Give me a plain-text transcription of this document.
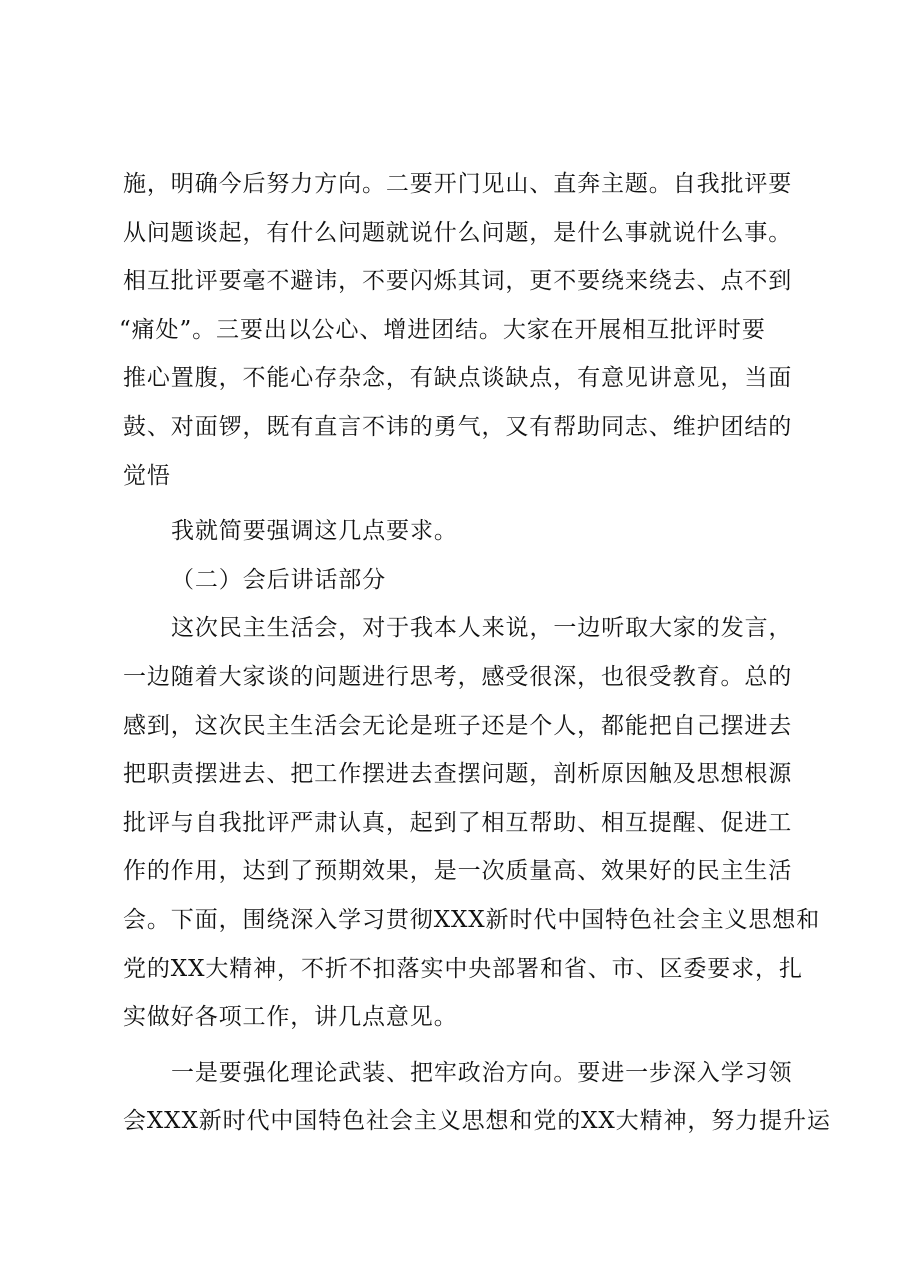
施，明确今后努力方向。二要开门见山、直奔主题。自我批评要
从问题谈起，有什么问题就说什么问题，是什么事就说什么事。
相互批评要毫不避讳，不要闪烁其词，更不要绕来绕去、点不到
“痛处”。三要出以公心、增进团结。大家在开展相互批评时要
推心置腹，不能心存杂念，有缺点谈缺点，有意见讲意见，当面
鼓、对面锣，既有直言不讳的勇气，又有帮助同志、维护团结的
觉悟
我就简要强调这几点要求。
（二）会后讲话部分
这次民主生活会，对于我本人来说，一边听取大家的发言，
一边随着大家谈的问题进行思考，感受很深，也很受教育。总的
感到，这次民主生活会无论是班子还是个人，都能把自己摆进去
把职责摆进去、把工作摆进去查摆问题，剖析原因触及思想根源
批评与自我批评严肃认真，起到了相互帮助、相互提醒、促进工
作的作用，达到了预期效果，是一次质量高、效果好的民主生活
会。下面，围绕深入学习贯彻XXX新时代中国特色社会主义思想和
党的XX大精神，不折不扣落实中央部署和省、市、区委要求，扎
实做好各项工作，讲几点意见。
一是要强化理论武装、把牢政治方向。要进一步深入学习领
会XXX新时代中国特色社会主义思想和党的XX大精神，努力提升运
